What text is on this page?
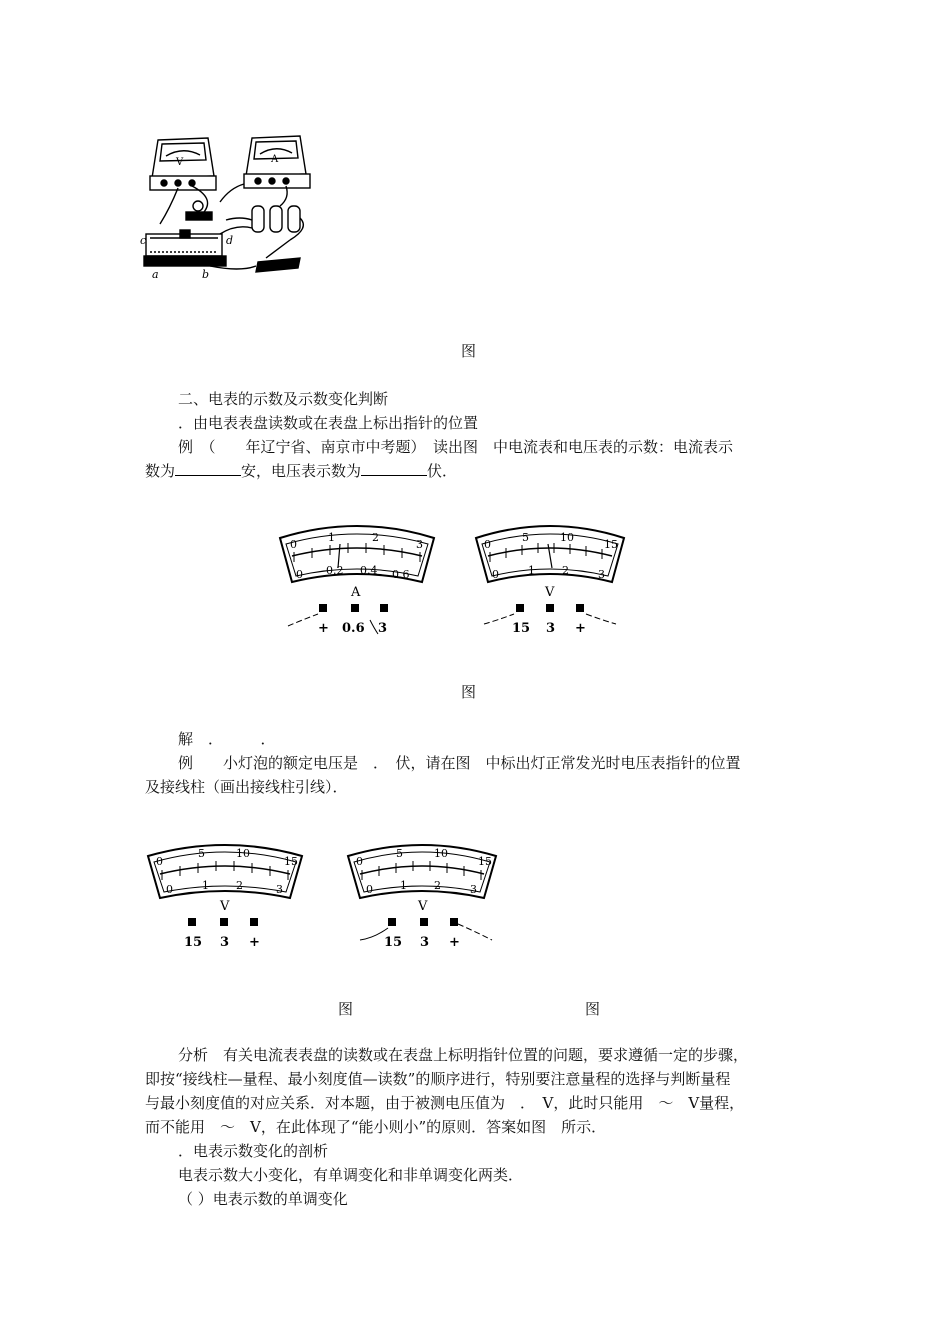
V	A
a	b
c	d
图
二、电表的示数及示数变化判断
．由电表表盘读数或在表盘上标出指针的位置
例　（　　年辽宁省、南京市中考题）　读出图　中电流表和电压表的示数：电流表示
数为	安，电压表示数为	伏．
0
1	2
3
0 0.2 0.4 0.6
A
+ 0.6 3
0
5	10
15
0	1 2	3
V
15 3 +
图
解　．　　　．
例　　小灯泡的额定电压是　．　伏，请在图　中标出灯正常发光时电压表指针的位置
及接线柱（画出接线柱引线）．
0
5	10
15
0	1 2	3
V
15 3 +
0
5	10
15
0 1 2	3
V
15 3 +
图	图
分析　有关电流表表盘的读数或在表盘上标明指针位置的问题，要求遵循一定的步骤，
即按“接线柱—量程、最小刻度值—读数”的顺序进行，特别要注意量程的选择与判断量程
与最小刻度值的对应关系．对本题，由于被测电压值为　．　V，此时只能用　～　V量程，
而不能用　～　V，在此体现了“能小则小”的原则．答案如图　所示．
．电表示数变化的剖析
电表示数大小变化，有单调变化和非单调变化两类．
（ ）电表示数的单调变化
